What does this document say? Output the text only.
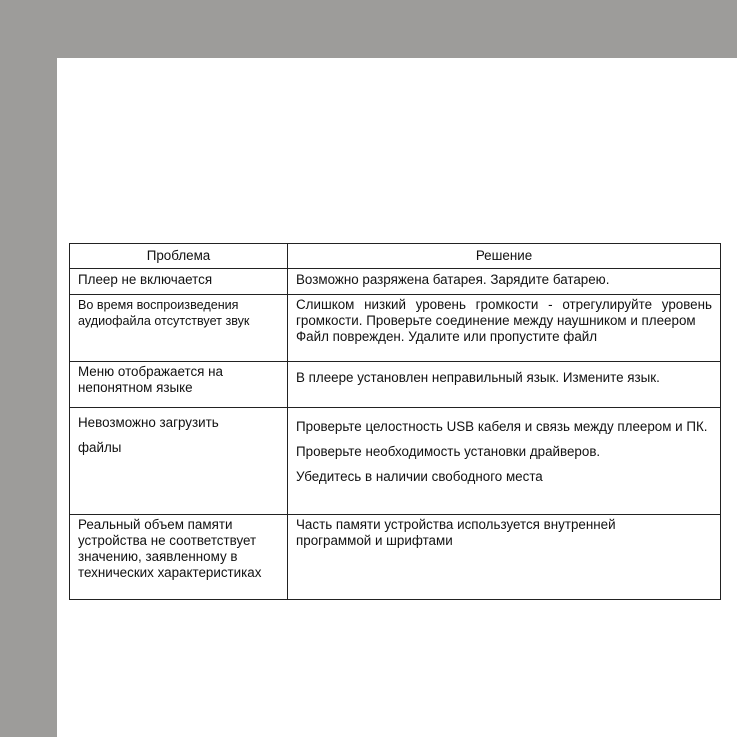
Проблема	Решение
Плеер не включается	Возможно разряжена батарея. Зарядите батарею.

Во время воспроизведения аудиофайла отсутствует звук	Слишком низкий уровень громкости - отрегулируйте уровень громкости. Проверьте соединение между наушником и плеером
Файл поврежден. Удалите или пропустите файл

Меню отображается на непонятном языке	В плеере установлен неправильный язык. Измените язык.

Невозможно загрузить файлы	Проверьте целостность USB кабеля и связь между плеером и ПК.
Проверьте необходимость установки драйверов.
Убедитесь в наличии свободного места

Реальный объем памяти устройства не соответствует значению, заявленному в технических характеристиках	Часть памяти устройства используется внутренней программой и шрифтами
